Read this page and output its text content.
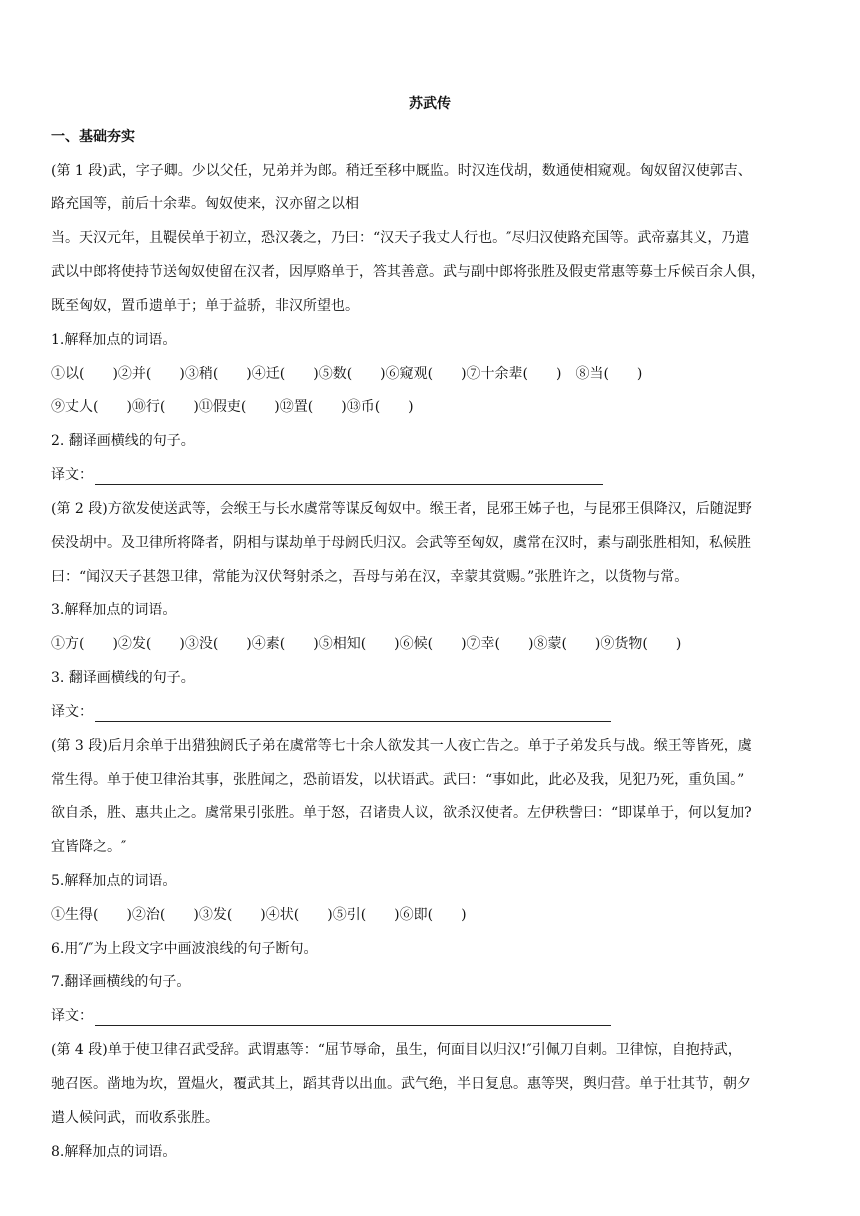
苏武传
一、基础夯实
(第 1 段)武，字子卿。少以父任，兄弟并为郎。稍迁至移中厩监。时汉连伐胡，数通使相窥观。匈奴留汉使郭吉、
路充国等，前后十余辈。匈奴使来，汉亦留之以相
当。天汉元年，且鞮侯单于初立，恐汉袭之，乃曰：“汉天子我丈人行也。″尽归汉使路充国等。武帝嘉其义，乃遣
武以中郎将使持节送匈奴使留在汉者，因厚赂单于，答其善意。武与副中郎将张胜及假吏常惠等募士斥候百余人俱，
既至匈奴，置币遗单于；单于益骄，非汉所望也。
1.解释加点的词语。
①以(　　)②并(　　)③稍(　　)④迁(　　)⑤数(　　)⑥窥观(　　)⑦十余辈(　　)　⑧当(　　)
⑨丈人(　　)⑩行(　　)⑪假吏(　　)⑫置(　　)⑬币(　　)
2. 翻译画横线的句子。
译文：
(第 2 段)方欲发使送武等，会缑王与长水虞常等谋反匈奴中。缑王者，昆邪王姊子也，与昆邪王俱降汉，后随浞野
侯没胡中。及卫律所将降者，阴相与谋劫单于母阏氏归汉。会武等至匈奴，虞常在汉时，素与副张胜相知，私候胜
曰：“闻汉天子甚怨卫律，常能为汉伏弩射杀之，吾母与弟在汉，幸蒙其赏赐。”张胜许之，以货物与常。
3.解释加点的词语。
①方(　　)②发(　　)③没(　　)④素(　　)⑤相知(　　)⑥候(　　)⑦幸(　　)⑧蒙(　　)⑨货物(　　)
3. 翻译画横线的句子。
译文：
(第 3 段)后月余单于出猎独阏氏子弟在虞常等七十余人欲发其一人夜亡告之。单于子弟发兵与战。缑王等皆死，虞
常生得。单于使卫律治其事，张胜闻之，恐前语发，以状语武。武曰：“事如此，此必及我，见犯乃死，重负国。”
欲自杀，胜、惠共止之。虞常果引张胜。单于怒，召诸贵人议，欲杀汉使者。左伊秩訾曰：“即谋单于，何以复加?
宜皆降之。″
5.解释加点的词语。
①生得(　　)②治(　　)③发(　　)④状(　　)⑤引(　　)⑥即(　　)
6.用″/″为上段文字中画波浪线的句子断句。
7.翻译画横线的句子。
译文：
(第 4 段)单于使卫律召武受辞。武谓惠等：“屈节辱命，虽生，何面目以归汉!″引佩刀自刺。卫律惊，自抱持武，
驰召医。凿地为坎，置煴火，覆武其上，蹈其背以出血。武气绝，半日复息。惠等哭，舆归营。单于壮其节，朝夕
遣人候问武，而收系张胜。
8.解释加点的词语。
